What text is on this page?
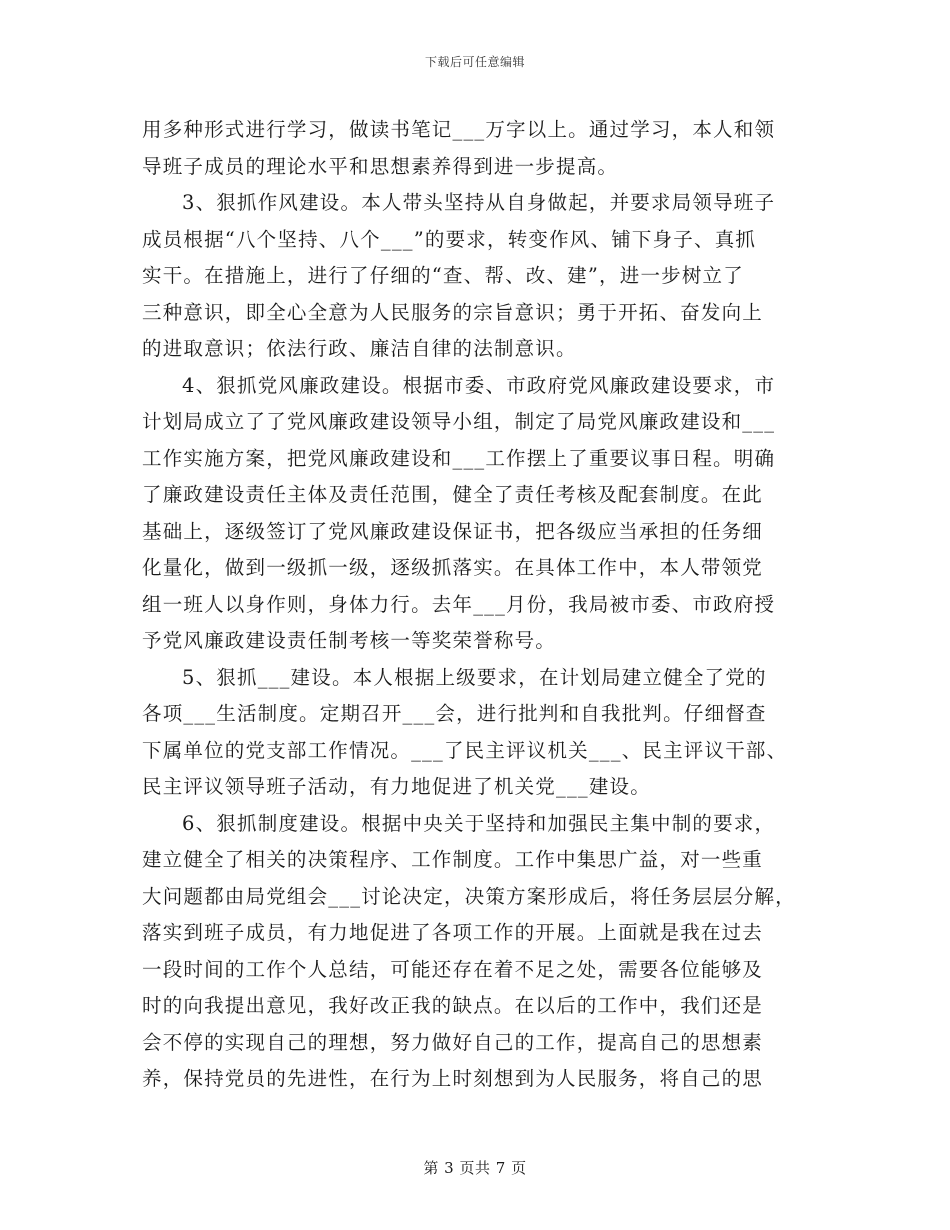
下载后可任意编辑
用多种形式进行学习，做读书笔记___万字以上。通过学习，本人和领
导班子成员的理论水平和思想素养得到进一步提高。
3、狠抓作风建设。本人带头坚持从自身做起，并要求局领导班子
成员根据“八个坚持、八个___”的要求，转变作风、铺下身子、真抓
实干。在措施上，进行了仔细的“查、帮、改、建”，进一步树立了
三种意识，即全心全意为人民服务的宗旨意识；勇于开拓、奋发向上
的进取意识；依法行政、廉洁自律的法制意识。
4、狠抓党风廉政建设。根据市委、市政府党风廉政建设要求，市
计划局成立了了党风廉政建设领导小组，制定了局党风廉政建设和___
工作实施方案，把党风廉政建设和___工作摆上了重要议事日程。明确
了廉政建设责任主体及责任范围，健全了责任考核及配套制度。在此
基础上，逐级签订了党风廉政建设保证书，把各级应当承担的任务细
化量化，做到一级抓一级，逐级抓落实。在具体工作中，本人带领党
组一班人以身作则，身体力行。去年___月份，我局被市委、市政府授
予党风廉政建设责任制考核一等奖荣誉称号。
5、狠抓___建设。本人根据上级要求，在计划局建立健全了党的
各项___生活制度。定期召开___会，进行批判和自我批判。仔细督查
下属单位的党支部工作情况。___了民主评议机关___、民主评议干部、
民主评议领导班子活动，有力地促进了机关党___建设。
6、狠抓制度建设。根据中央关于坚持和加强民主集中制的要求，
建立健全了相关的决策程序、工作制度。工作中集思广益，对一些重
大问题都由局党组会___讨论决定，决策方案形成后，将任务层层分解，
落实到班子成员，有力地促进了各项工作的开展。上面就是我在过去
一段时间的工作个人总结，可能还存在着不足之处，需要各位能够及
时的向我提出意见，我好改正我的缺点。在以后的工作中，我们还是
会不停的实现自己的理想，努力做好自己的工作，提高自己的思想素
养，保持党员的先进性，在行为上时刻想到为人民服务，将自己的思
第 3 页共 7 页
